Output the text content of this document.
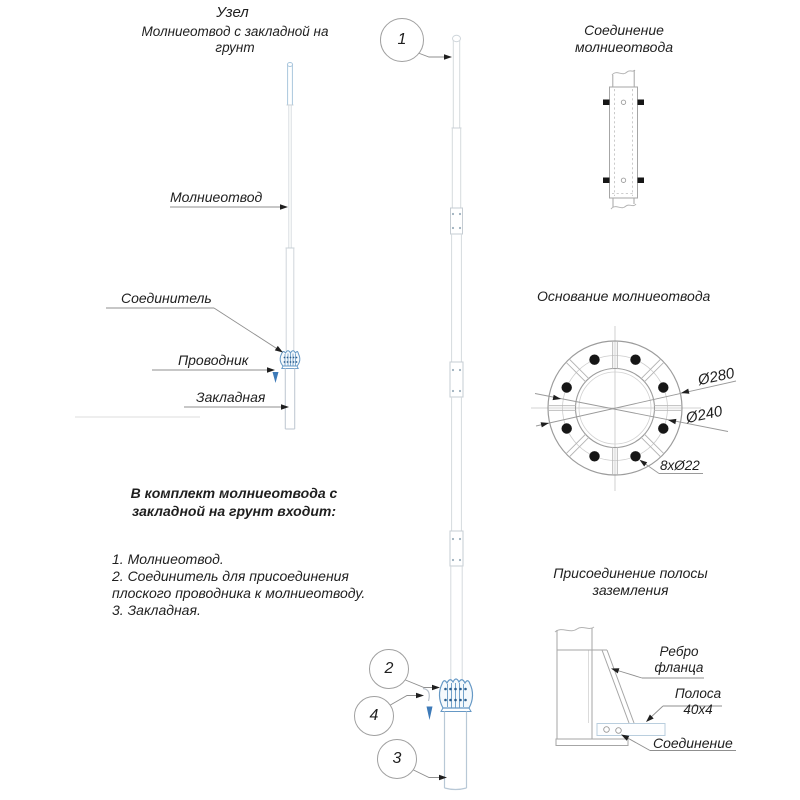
Узел
Молниеотвод с закладной на грунт
Молниеотвод
Соединитель
Проводник
Закладная
В комплект молниеотвода с закладной на грунт входит:
1. Молниеотвод.
2. Соединитель для присоединения плоского проводника к молниеотводу.
3. Закладная.
Соединение молниеотвода
Основание молниеотвода
Ø280
Ø240
8xØ22
Присоединение полосы заземления
Ребро фланца
Полоса 40x4
Соединение
1
2
4
3
